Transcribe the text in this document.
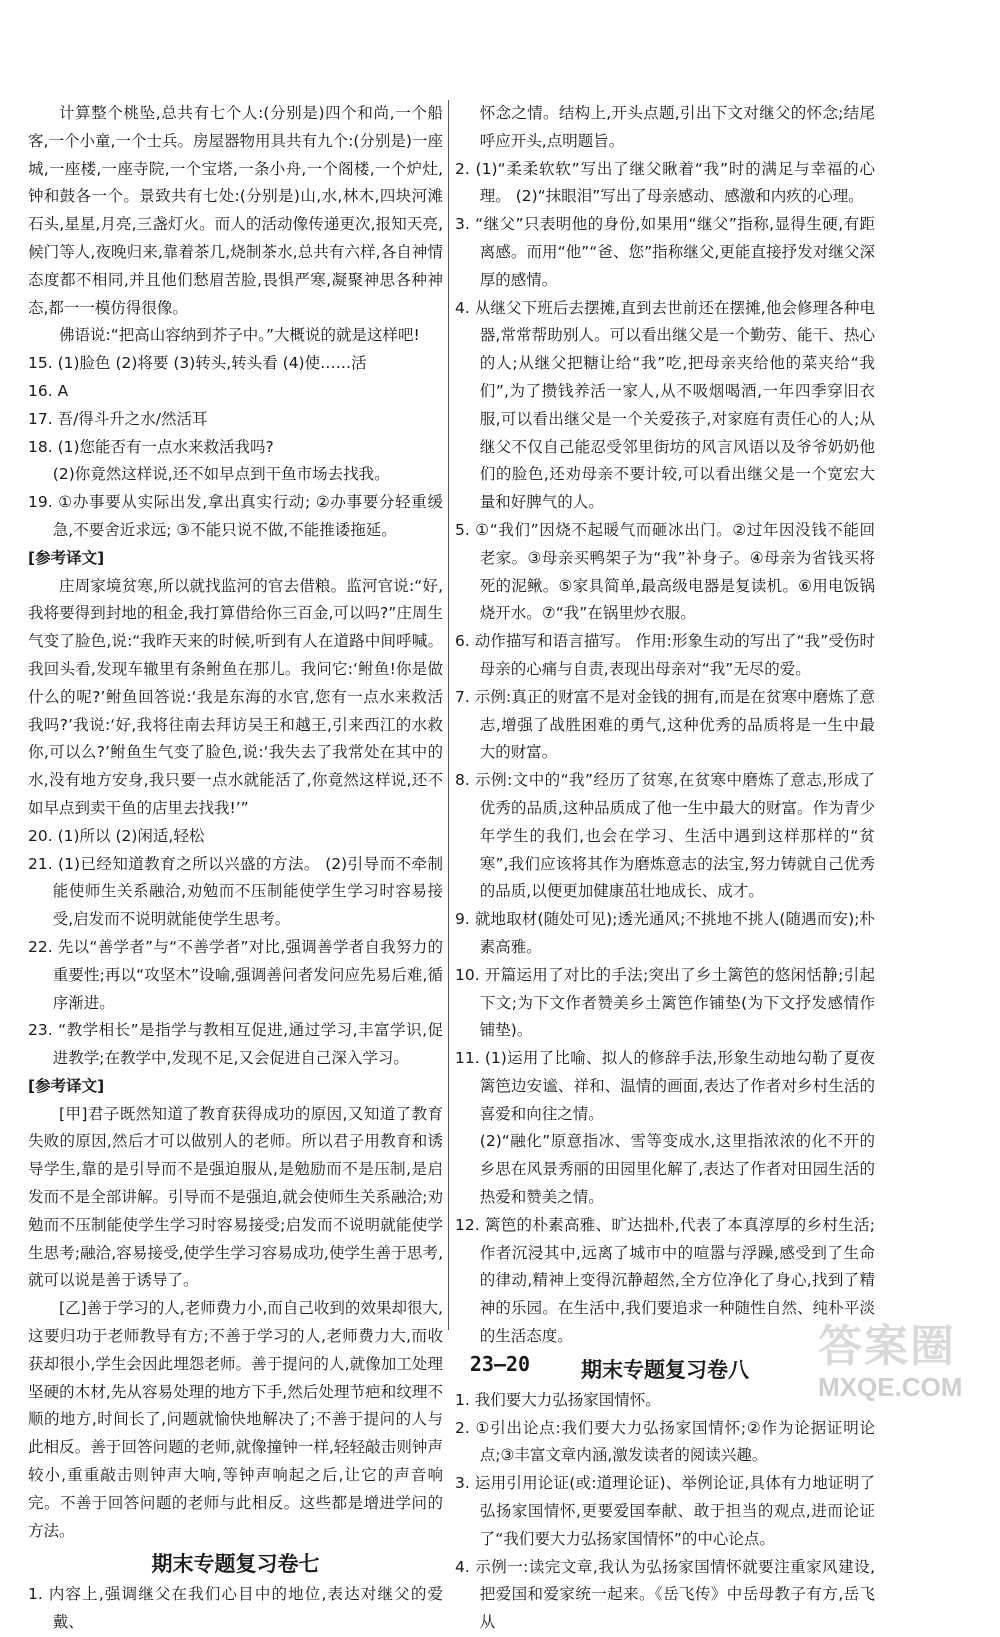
计算整个桃坠,总共有七个人:(分别是)四个和尚,一个船客,一个小童,一个士兵。房屋器物用具共有九个:(分别是)一座城,一座楼,一座寺院,一个宝塔,一条小舟,一个阁楼,一个炉灶,钟和鼓各一个。景致共有七处:(分别是)山,水,林木,四块河滩石头,星星,月亮,三盏灯火。而人的活动像传递更次,报知天亮,候门等人,夜晚归来,靠着茶几,烧制茶水,总共有六样,各自神情态度都不相同,并且他们愁眉苦脸,畏惧严寒,凝聚神思各种神态,都一一模仿得很像。

佛语说:“把高山容纳到芥子中。”大概说的就是这样吧!

15. (1)脸色 (2)将要 (3)转头,转头看 (4)使……活

16. A

17. 吾/得斗升之水/然活耳

18. (1)您能否有一点水来救活我吗?

(2)你竟然这样说,还不如早点到干鱼市场去找我。

19. ①办事要从实际出发,拿出真实行动; ②办事要分轻重缓急,不要舍近求远; ③不能只说不做,不能推诿拖延。

[参考译文]

庄周家境贫寒,所以就找监河的官去借粮。监河官说:“好,我将要得到封地的租金,我打算借给你三百金,可以吗?”庄周生气变了脸色,说:“我昨天来的时候,听到有人在道路中间呼喊。我回头看,发现车辙里有条鲋鱼在那儿。我问它:‘鲋鱼!你是做什么的呢?’鲋鱼回答说:‘我是东海的水官,您有一点水来救活我吗?’我说:‘好,我将往南去拜访吴王和越王,引来西江的水救你,可以么?’鲋鱼生气变了脸色,说:‘我失去了我常处在其中的水,没有地方安身,我只要一点水就能活了,你竟然这样说,还不如早点到卖干鱼的店里去找我!’”

20. (1)所以 (2)闲适,轻松

21. (1)已经知道教育之所以兴盛的方法。 (2)引导而不牵制能使师生关系融洽,劝勉而不压制能使学生学习时容易接受,启发而不说明就能使学生思考。

22. 先以“善学者”与“不善学者”对比,强调善学者自我努力的重要性;再以“攻坚木”设喻,强调善问者发问应先易后难,循序渐进。

23. “教学相长”是指学与教相互促进,通过学习,丰富学识,促进教学;在教学中,发现不足,又会促进自己深入学习。

[参考译文]

[甲]君子既然知道了教育获得成功的原因,又知道了教育失败的原因,然后才可以做别人的老师。所以君子用教育和诱导学生,靠的是引导而不是强迫服从,是勉励而不是压制,是启发而不是全部讲解。引导而不是强迫,就会使师生关系融洽;劝勉而不压制能使学生学习时容易接受;启发而不说明就能使学生思考;融洽,容易接受,使学生学习容易成功,使学生善于思考,就可以说是善于诱导了。

[乙]善于学习的人,老师费力小,而自己收到的效果却很大,这要归功于老师教导有方;不善于学习的人,老师费力大,而收获却很小,学生会因此埋怨老师。善于提问的人,就像加工处理坚硬的木材,先从容易处理的地方下手,然后处理节疤和纹理不顺的地方,时间长了,问题就愉快地解决了;不善于提问的人与此相反。善于回答问题的老师,就像撞钟一样,轻轻敲击则钟声较小,重重敲击则钟声大响,等钟声响起之后,让它的声音响完。不善于回答问题的老师与此相反。这些都是增进学问的方法。

期末专题复习卷七

1. 内容上,强调继父在我们心目中的地位,表达对继父的爱戴、

怀念之情。结构上,开头点题,引出下文对继父的怀念;结尾呼应开头,点明题旨。

2. (1)“柔柔软软”写出了继父瞅着“我”时的满足与幸福的心理。 (2)“抹眼泪”写出了母亲感动、感激和内疚的心理。

3. “继父”只表明他的身份,如果用“继父”指称,显得生硬,有距离感。而用“他”“爸、您”指称继父,更能直接抒发对继父深厚的感情。

4. 从继父下班后去摆摊,直到去世前还在摆摊,他会修理各种电器,常常帮助别人。可以看出继父是一个勤劳、能干、热心的人;从继父把糖让给“我”吃,把母亲夹给他的菜夹给“我们”,为了攒钱养活一家人,从不吸烟喝酒,一年四季穿旧衣服,可以看出继父是一个关爱孩子,对家庭有责任心的人;从继父不仅自己能忍受邻里街坊的风言风语以及爷爷奶奶他们的脸色,还劝母亲不要计较,可以看出继父是一个宽宏大量和好脾气的人。

5. ①“我们”因烧不起暖气而砸冰出门。②过年因没钱不能回老家。③母亲买鸭架子为“我”补身子。④母亲为省钱买将死的泥鳅。⑤家具简单,最高级电器是复读机。⑥用电饭锅烧开水。⑦“我”在锅里炒衣服。

6. 动作描写和语言描写。 作用:形象生动的写出了“我”受伤时母亲的心痛与自责,表现出母亲对“我”无尽的爱。

7. 示例:真正的财富不是对金钱的拥有,而是在贫寒中磨炼了意志,增强了战胜困难的勇气,这种优秀的品质将是一生中最大的财富。

8. 示例:文中的“我”经历了贫寒,在贫寒中磨炼了意志,形成了优秀的品质,这种品质成了他一生中最大的财富。作为青少年学生的我们,也会在学习、生活中遇到这样那样的“贫寒”,我们应该将其作为磨炼意志的法宝,努力铸就自己优秀的品质,以便更加健康茁壮地成长、成才。

9. 就地取材(随处可见);透光通风;不挑地不挑人(随遇而安);朴素高雅。

10. 开篇运用了对比的手法;突出了乡土篱笆的悠闲恬静;引起下文;为下文作者赞美乡土篱笆作铺垫(为下文抒发感情作铺垫)。

11. (1)运用了比喻、拟人的修辞手法,形象生动地勾勒了夏夜篱笆边安谧、祥和、温情的画面,表达了作者对乡村生活的喜爱和向往之情。

(2)“融化”原意指冰、雪等变成水,这里指浓浓的化不开的乡思在风景秀丽的田园里化解了,表达了作者对田园生活的热爱和赞美之情。

12. 篱笆的朴素高雅、旷达拙朴,代表了本真淳厚的乡村生活;作者沉浸其中,远离了城市中的喧嚣与浮躁,感受到了生命的律动,精神上变得沉静超然,全方位净化了身心,找到了精神的乐园。在生活中,我们要追求一种随性自然、纯朴平淡的生活态度。

期末专题复习卷八

1. 我们要大力弘扬家国情怀。

2. ①引出论点:我们要大力弘扬家国情怀;②作为论据证明论点;③丰富文章内涵,激发读者的阅读兴趣。

3. 运用引用论证(或:道理论证)、举例论证,具体有力地证明了弘扬家国情怀,更要爱国奉献、敢于担当的观点,进而论证了“我们要大力弘扬家国情怀”的中心论点。

4. 示例一:读完文章,我认为弘扬家国情怀就要注重家风建设,把爱国和爱家统一起来。《岳飞传》中岳母教子有方,岳飞从

23—20	答案圈
MXQE.COM
